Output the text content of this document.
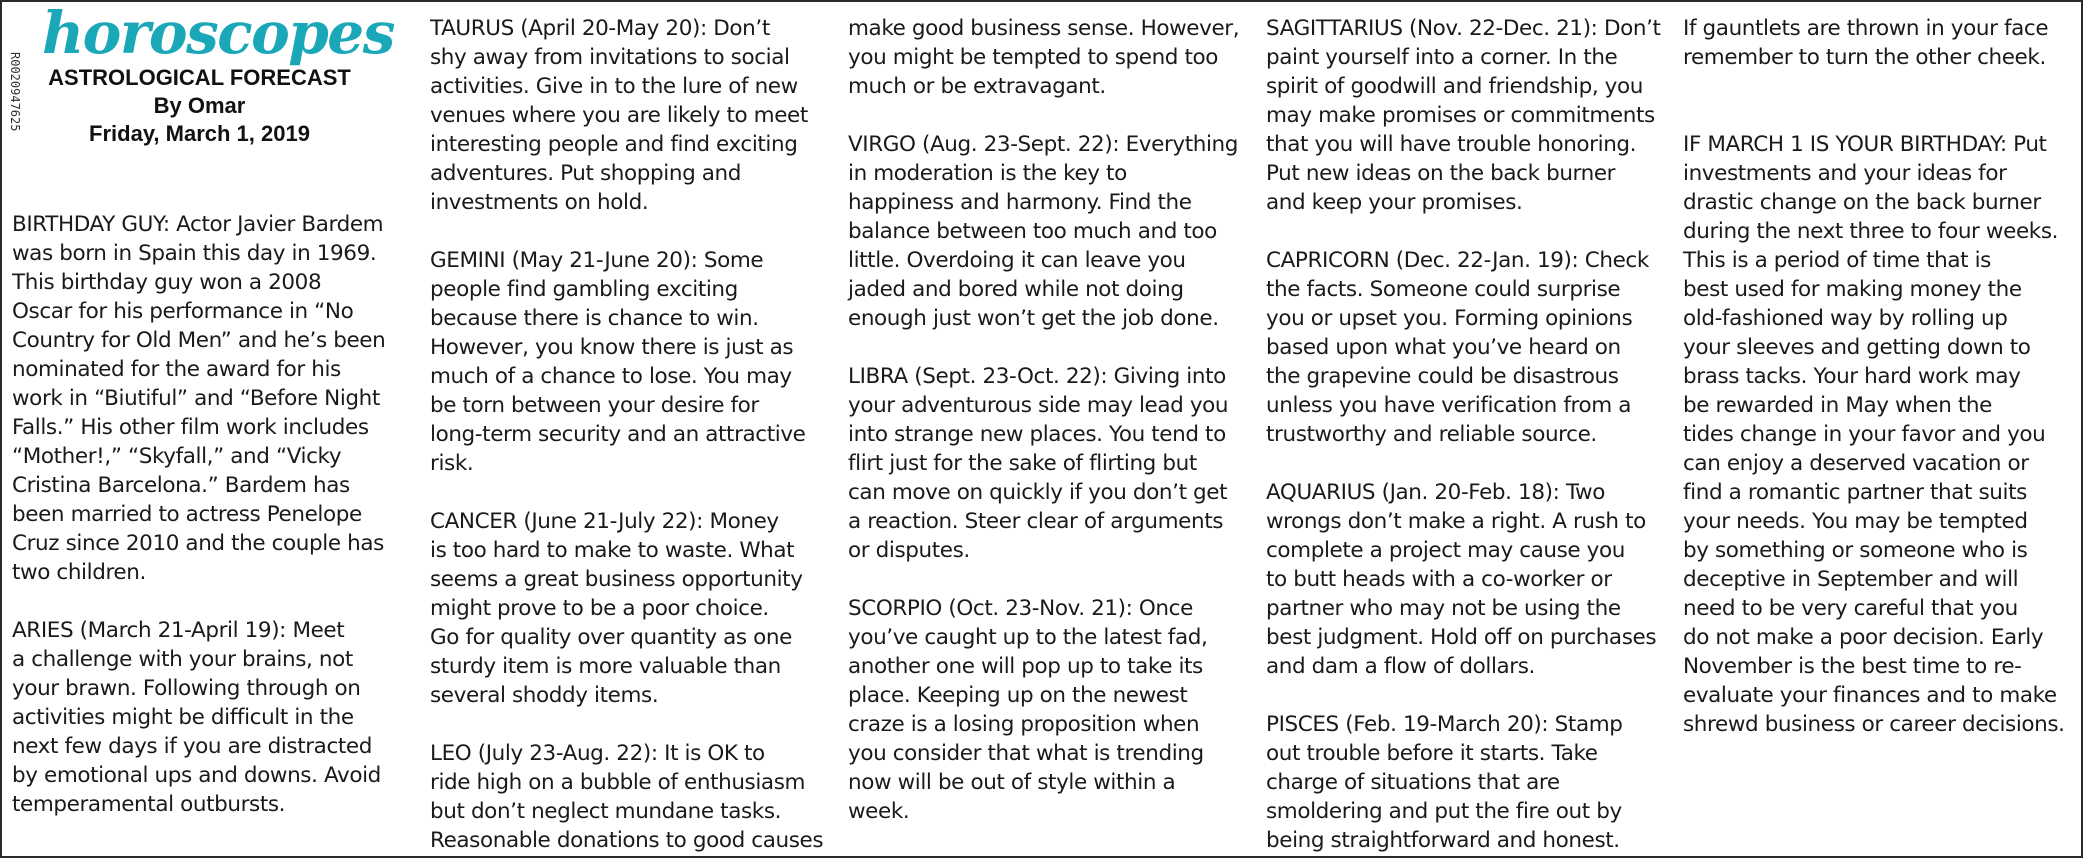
R0020947625
horoscopes
ASTROLOGICAL FORECAST
By Omar
Friday, March 1, 2019
BIRTHDAY GUY: Actor Javier Bardem
was born in Spain this day in 1969.
This birthday guy won a 2008
Oscar for his performance in “No
Country for Old Men” and he’s been
nominated for the award for his
work in “Biutiful” and “Before Night
Falls.” His other film work includes
“Mother!,” “Skyfall,” and “Vicky
Cristina Barcelona.” Bardem has
been married to actress Penelope
Cruz since 2010 and the couple has
two children.
ARIES (March 21-April 19): Meet
a challenge with your brains, not
your brawn. Following through on
activities might be difficult in the
next few days if you are distracted
by emotional ups and downs. Avoid
temperamental outbursts.
TAURUS (April 20-May 20): Don’t
shy away from invitations to social
activities. Give in to the lure of new
venues where you are likely to meet
interesting people and find exciting
adventures. Put shopping and
investments on hold.
GEMINI (May 21-June 20): Some
people find gambling exciting
because there is chance to win.
However, you know there is just as
much of a chance to lose. You may
be torn between your desire for
long-term security and an attractive
risk.
CANCER (June 21-July 22): Money
is too hard to make to waste. What
seems a great business opportunity
might prove to be a poor choice.
Go for quality over quantity as one
sturdy item is more valuable than
several shoddy items.
LEO (July 23-Aug. 22): It is OK to
ride high on a bubble of enthusiasm
but don’t neglect mundane tasks.
Reasonable donations to good causes
make good business sense. However,
you might be tempted to spend too
much or be extravagant.
VIRGO (Aug. 23-Sept. 22): Everything
in moderation is the key to
happiness and harmony. Find the
balance between too much and too
little. Overdoing it can leave you
jaded and bored while not doing
enough just won’t get the job done.
LIBRA (Sept. 23-Oct. 22): Giving into
your adventurous side may lead you
into strange new places. You tend to
flirt just for the sake of flirting but
can move on quickly if you don’t get
a reaction. Steer clear of arguments
or disputes.
SCORPIO (Oct. 23-Nov. 21): Once
you’ve caught up to the latest fad,
another one will pop up to take its
place. Keeping up on the newest
craze is a losing proposition when
you consider that what is trending
now will be out of style within a
week.
SAGITTARIUS (Nov. 22-Dec. 21): Don’t
paint yourself into a corner. In the
spirit of goodwill and friendship, you
may make promises or commitments
that you will have trouble honoring.
Put new ideas on the back burner
and keep your promises.
CAPRICORN (Dec. 22-Jan. 19): Check
the facts. Someone could surprise
you or upset you. Forming opinions
based upon what you’ve heard on
the grapevine could be disastrous
unless you have verification from a
trustworthy and reliable source.
AQUARIUS (Jan. 20-Feb. 18): Two
wrongs don’t make a right. A rush to
complete a project may cause you
to butt heads with a co-worker or
partner who may not be using the
best judgment. Hold off on purchases
and dam a flow of dollars.
PISCES (Feb. 19-March 20): Stamp
out trouble before it starts. Take
charge of situations that are
smoldering and put the fire out by
being straightforward and honest.
If gauntlets are thrown in your face
remember to turn the other cheek.
IF MARCH 1 IS YOUR BIRTHDAY: Put
investments and your ideas for
drastic change on the back burner
during the next three to four weeks.
This is a period of time that is
best used for making money the
old-fashioned way by rolling up
your sleeves and getting down to
brass tacks. Your hard work may
be rewarded in May when the
tides change in your favor and you
can enjoy a deserved vacation or
find a romantic partner that suits
your needs. You may be tempted
by something or someone who is
deceptive in September and will
need to be very careful that you
do not make a poor decision. Early
November is the best time to re-
evaluate your finances and to make
shrewd business or career decisions.
